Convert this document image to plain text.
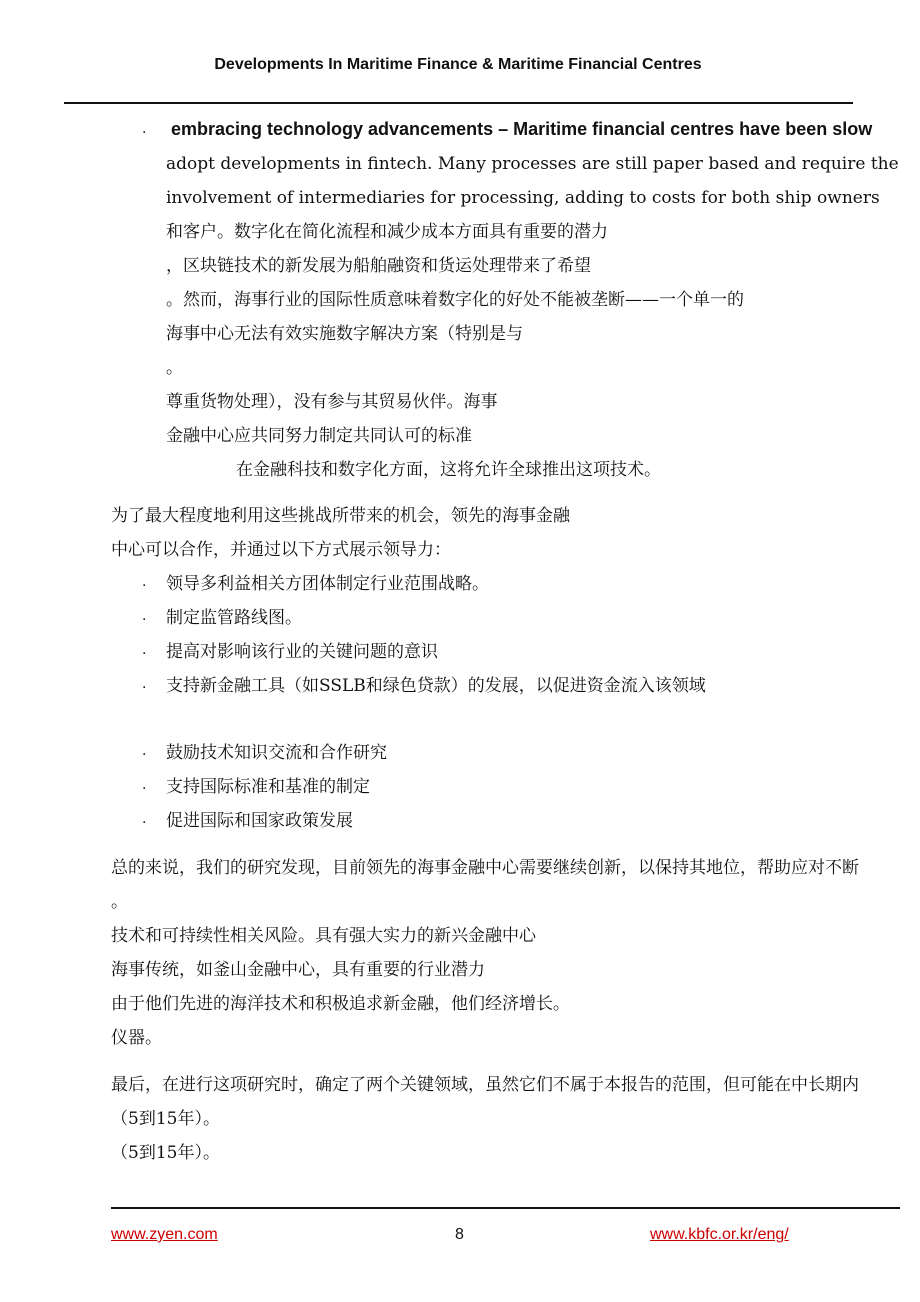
Developments In Maritime Finance & Maritime Financial Centres
· embracing technology advancements – Maritime financial centres have been slow
adopt developments in fintech. Many processes are still paper based and require the
involvement of intermediaries for processing, adding to costs for both ship owners
和客户。数字化在简化流程和减少成本方面具有重要的潜力
，区块链技术的新发展为船舶融资和货运处理带来了希望
。然而，海事行业的国际性质意味着数字化的好处不能被垄断——一个单一的
海事中心无法有效实施数字解决方案（特别是与
。
尊重货物处理），没有参与其贸易伙伴。海事
金融中心应共同努力制定共同认可的标准
在金融科技和数字化方面，这将允许全球推出这项技术。
为了最大程度地利用这些挑战所带来的机会，领先的海事金融
中心可以合作，并通过以下方式展示领导力：
· 领导多利益相关方团体制定行业范围战略。
· 制定监管路线图。
· 提高对影响该行业的关键问题的意识
· 支持新金融工具（如SSLB和绿色贷款）的发展，以促进资金流入该领域
· 鼓励技术知识交流和合作研究
· 支持国际标准和基准的制定
· 促进国际和国家政策发展
总的来说，我们的研究发现，目前领先的海事金融中心需要继续创新，以保持其地位，帮助应对不断
。
技术和可持续性相关风险。具有强大实力的新兴金融中心
海事传统，如釜山金融中心，具有重要的行业潜力
由于他们先进的海洋技术和积极追求新金融，他们经济增长。
仪器。
最后，在进行这项研究时，确定了两个关键领域，虽然它们不属于本报告的范围，但可能在中长期内
（5到15年）。
（5到15年）。
www.zyen.com	8	www.kbfc.or.kr/eng/
